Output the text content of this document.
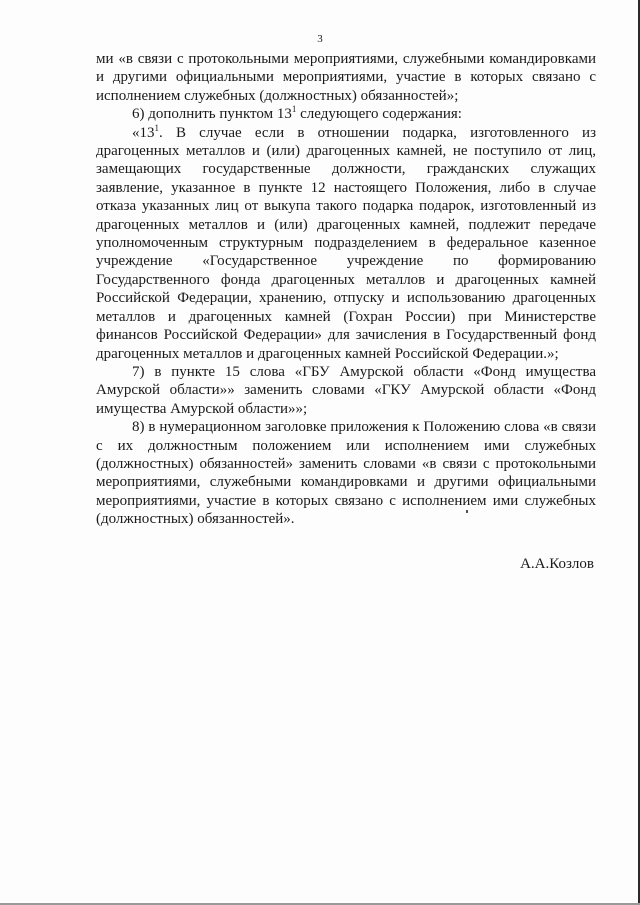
3

ми «в связи с протокольными мероприятиями, служебными командировками и другими официальными мероприятиями, участие в которых связано с исполнением служебных (должностных) обязанностей»;

6) дополнить пунктом $13^1$ следующего содержания:

«$13^1$. В случае если в отношении подарка, изготовленного из драгоценных металлов и (или) драгоценных камней, не поступило от лиц, замещающих государственные должности, гражданских служащих заявление, указанное в пункте 12 настоящего Положения, либо в случае отказа указанных лиц от выкупа такого подарка подарок, изготовленный из драгоценных металлов и (или) драгоценных камней, подлежит передаче уполномоченным структурным подразделением в федеральное казенное учреждение «Государственное учреждение по формированию Государственного фонда драгоценных металлов и драгоценных камней Российской Федерации, хранению, отпуску и использованию драгоценных металлов и драгоценных камней (Гохран России) при Министерстве финансов Российской Федерации» для зачисления в Государственный фонд драгоценных металлов и драгоценных камней Российской Федерации.»;

7) в пункте 15 слова «ГБУ Амурской области «Фонд имущества Амурской области»» заменить словами «ГКУ Амурской области «Фонд имущества Амурской области»»;

8) в нумерационном заголовке приложения к Положению слова «в связи с их должностным положением или исполнением ими служебных (должностных) обязанностей» заменить словами «в связи с протокольными мероприятиями, служебными командировками и другими официальными мероприятиями, участие в которых связано с исполнением ими служебных (должностных) обязанностей».

А.А.Козлов
